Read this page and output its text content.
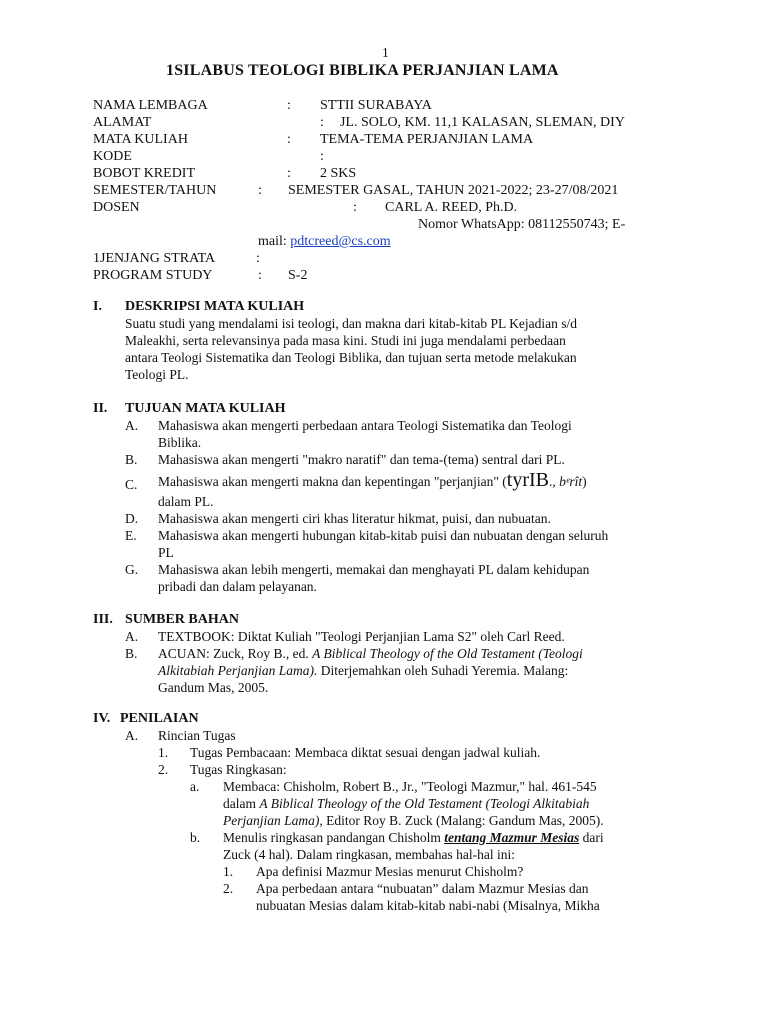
1
1SILABUS TEOLOGI BIBLIKA PERJANJIAN LAMA
NAMA LEMBAGA	: STTII SURABAYA
ALAMAT	: JL. SOLO, KM. 11,1 KALASAN, SLEMAN, DIY
MATA KULIAH	: TEMA-TEMA PERJANJIAN LAMA
KODE	:
BOBOT KREDIT	: 2 SKS
SEMESTER/TAHUN	: SEMESTER GASAL, TAHUN 2021-2022; 23-27/08/2021
DOSEN	: CARL A. REED, Ph.D.
Nomor WhatsApp: 08112550743; E-
mail: pdtcreed@cs.com
1JENJANG STRATA	:
PROGRAM STUDY	: S-2
I. DESKRIPSI MATA KULIAH
Suatu studi yang mendalami isi teologi, dan makna dari kitab-kitab PL Kejadian s/d
Maleakhi, serta relevansinya pada masa kini. Studi ini juga mendalami perbedaan
antara Teologi Sistematika dan Teologi Biblika, dan tujuan serta metode melakukan
Teologi PL.
II. TUJUAN MATA KULIAH
A. Mahasiswa akan mengerti perbedaan antara Teologi Sistematika dan Teologi
Biblika.
B. Mahasiswa akan mengerti "makro naratif" dan tema-(tema) sentral dari PL.
C. Mahasiswa akan mengerti makna dan kepentingan "perjanjian" (tyrIB., bᵉrît)
dalam PL.
D. Mahasiswa akan mengerti ciri khas literatur hikmat, puisi, dan nubuatan.
E. Mahasiswa akan mengerti hubungan kitab-kitab puisi dan nubuatan dengan seluruh
PL
G. Mahasiswa akan lebih mengerti, memakai dan menghayati PL dalam kehidupan
pribadi dan dalam pelayanan.
III. SUMBER BAHAN
A. TEXTBOOK: Diktat Kuliah "Teologi Perjanjian Lama S2" oleh Carl Reed.
B. ACUAN: Zuck, Roy B., ed. A Biblical Theology of the Old Testament (Teologi
Alkitabiah Perjanjian Lama). Diterjemahkan oleh Suhadi Yeremia. Malang:
Gandum Mas, 2005.
IV. PENILAIAN
A. Rincian Tugas
1. Tugas Pembacaan: Membaca diktat sesuai dengan jadwal kuliah.
2. Tugas Ringkasan:
a. Membaca: Chisholm, Robert B., Jr., "Teologi Mazmur," hal. 461-545
dalam A Biblical Theology of the Old Testament (Teologi Alkitabiah
Perjanjian Lama), Editor Roy B. Zuck (Malang: Gandum Mas, 2005).
b. Menulis ringkasan pandangan Chisholm tentang Mazmur Mesias dari
Zuck (4 hal). Dalam ringkasan, membahas hal-hal ini:
1. Apa definisi Mazmur Mesias menurut Chisholm?
2. Apa perbedaan antara “nubuatan” dalam Mazmur Mesias dan
nubuatan Mesias dalam kitab-kitab nabi-nabi (Misalnya, Mikha
